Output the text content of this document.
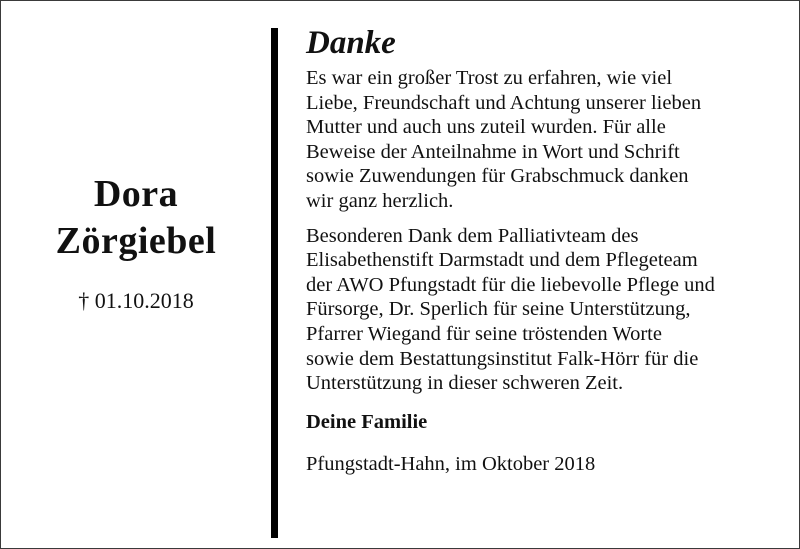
Dora
Zörgiebel
† 01.10.2018
Danke

Es war ein großer Trost zu erfahren, wie viel
Liebe, Freundschaft und Achtung unserer lieben
Mutter und auch uns zuteil wurden. Für alle
Beweise der Anteilnahme in Wort und Schrift
sowie Zuwendungen für Grabschmuck danken
wir ganz herzlich.

Besonderen Dank dem Palliativteam des
Elisabethenstift Darmstadt und dem Pflegeteam
der AWO Pfungstadt für die liebevolle Pflege und
Fürsorge, Dr. Sperlich für seine Unterstützung,
Pfarrer Wiegand für seine tröstenden Worte
sowie dem Bestattungsinstitut Falk-Hörr für die
Unterstützung in dieser schweren Zeit.

Deine Familie
Pfungstadt-Hahn, im Oktober 2018
